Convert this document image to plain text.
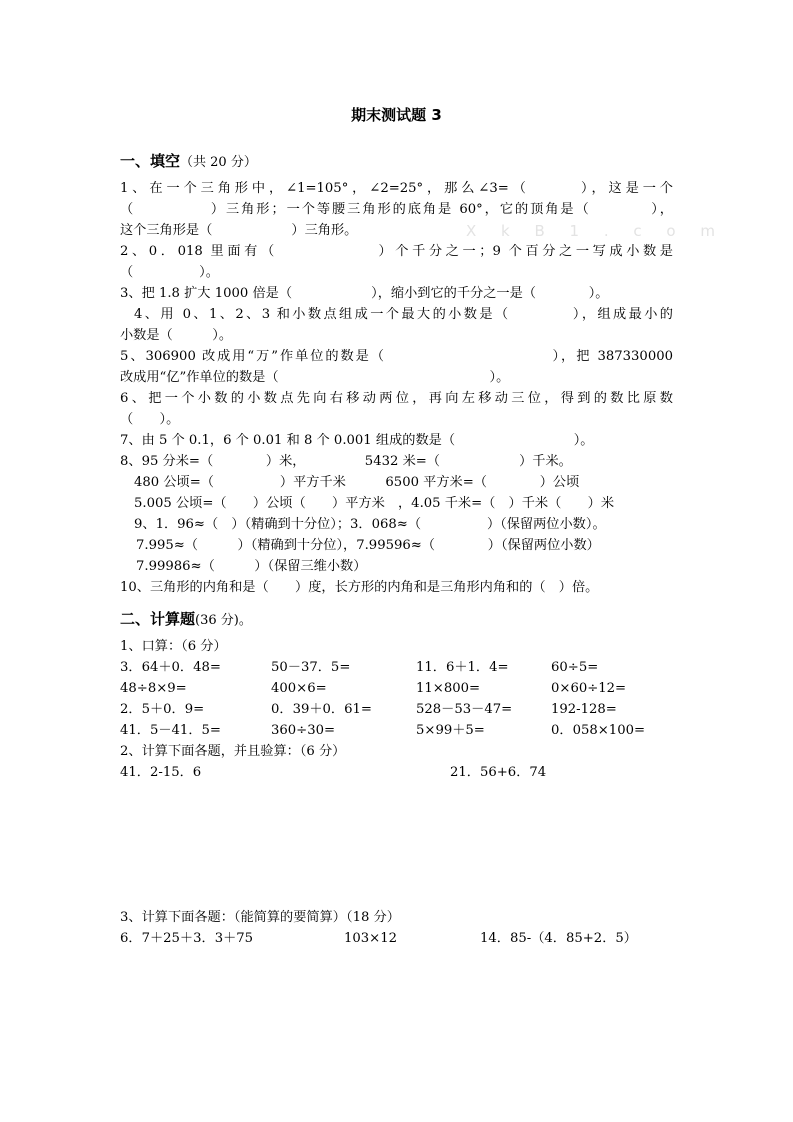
期末测试题 3
X k B 1 . c o m
一、填空（共 20 分）
1、在一个三角形中，∠1=105°，∠2=25°，那么∠3=（　　　），这是一个
（　　　　　）三角形；一个等腰三角形的底角是 60°，它的顶角是（　　　　），
这个三角形是（　　　　　　）三角形。
2、0．018 里面有（　　　　　　）个千分之一；9 个百分之一写成小数是
（　　　　　）。
3、把 1.8 扩大 1000 倍是（　　　　　　），缩小到它的千分之一是（　　　　）。
4、用 0、1、2、3 和小数点组成一个最大的小数是（　　　　），组成最小的
小数是（　　　）。
5、306900 改成用“万”作单位的数是（　　　　　　　　　　　），把 387330000
改成用“亿”作单位的数是（　　　　　　　　　　　　　　　　）。
6、把一个小数的小数点先向右移动两位，再向左移动三位，得到的数比原数
（　　）。
7、由 5 个 0.1，6 个 0.01 和 8 个 0.001 组成的数是（　　　　　　　　　）。
8、95 分米=（　　　　）米，　　　　　5432 米=（　　　　　　）千米。
480 公顷=（　　　　　）平方千米　　　6500 平方米=（　　　　）公顷
5.005 公顷=（　　）公顷（　　）平方米　，4.05 千米=（　）千米（　　）米
9、1．96≈（　）（精确到十分位）；3．068≈（　　　　　）（保留两位小数）。
7.995≈（　　　）（精确到十分位），7.99596≈（　　　　）（保留两位小数）
7.99986≈（　　　）（保留三维小数）
10、三角形的内角和是（　　）度，长方形的内角和是三角形内角和的（　）倍。
二、计算题(36 分)。
1、口算：（6 分）
3．64＋0．48=	50－37．5=	11．6＋1．4=	60÷5=
48÷8×9=	400×6=	11×800=	0×60÷12=
2．5＋0．9=	0．39＋0．61=	528－53－47=	192-128=
41．5－41．5=	360÷30=	5×99＋5=	0．058×100=
2、计算下面各题，并且验算：（6 分）
41．2-15．6	21．56+6．74
3、计算下面各题：（能简算的要简算）（18 分）
6．7＋25＋3．3＋75	103×12	14．85-（4．85+2．5）
